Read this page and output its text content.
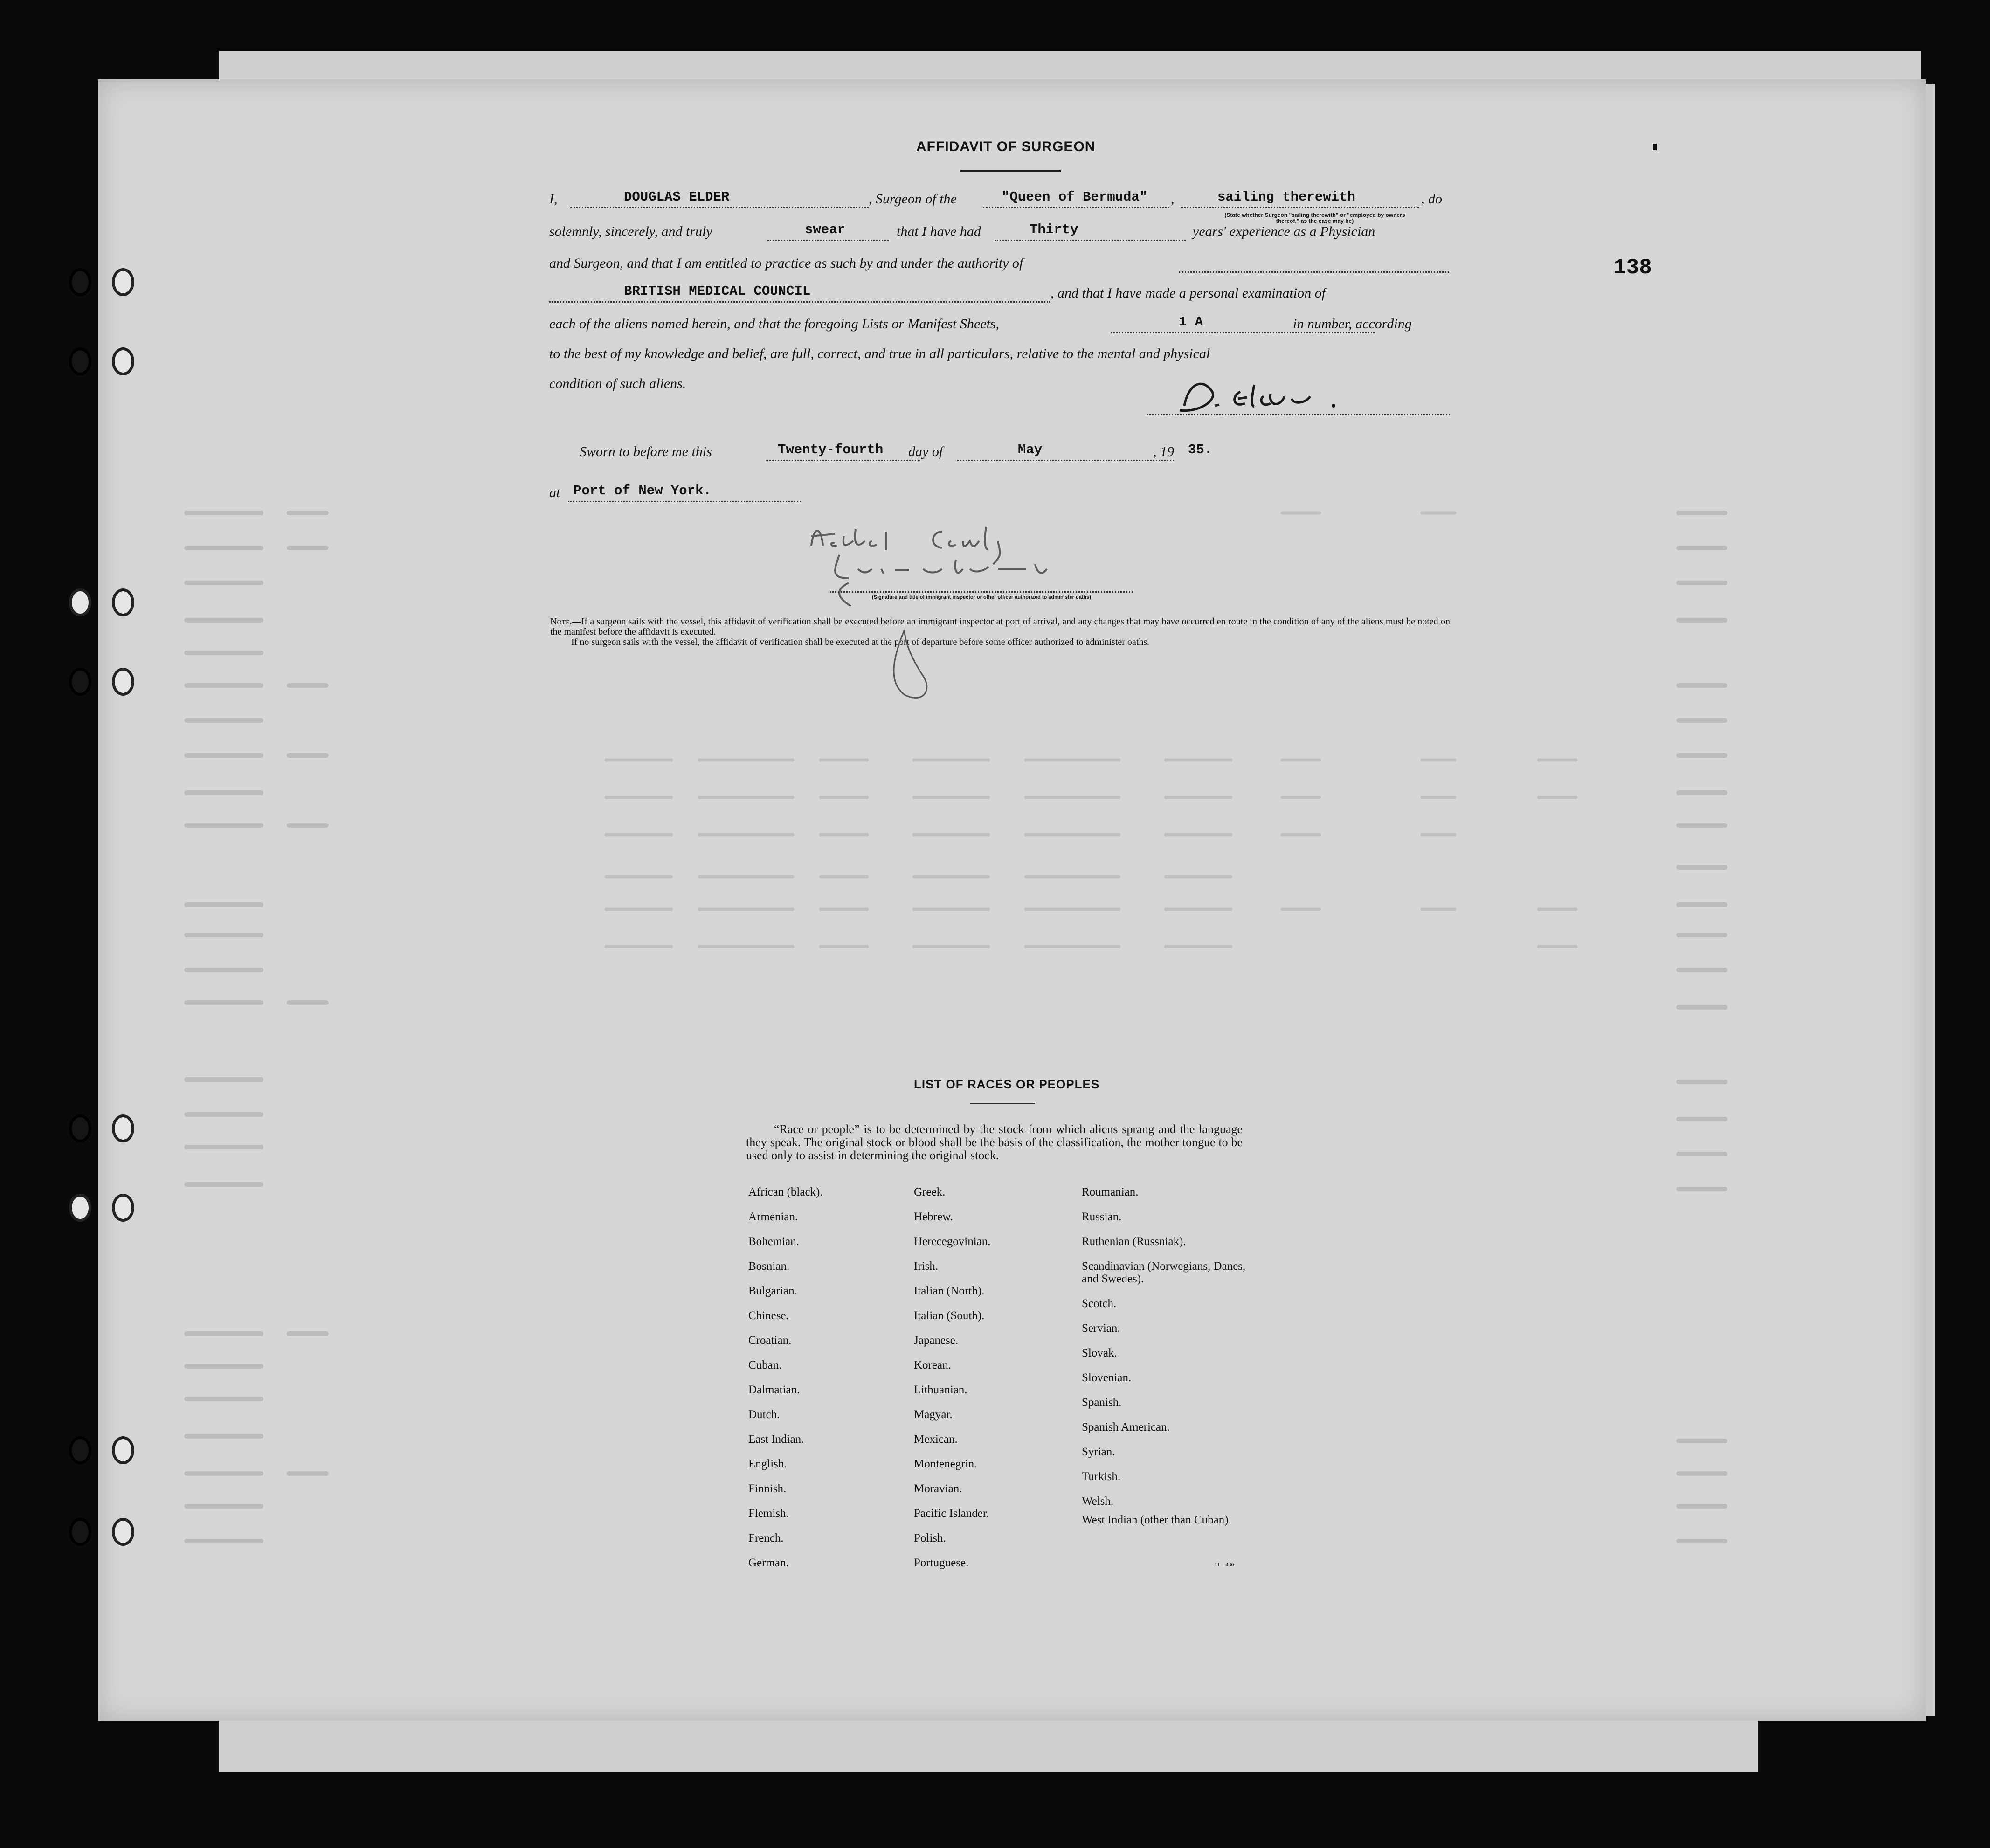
AFFIDAVIT OF SURGEON
138
I,	DOUGLAS ELDER	, Surgeon of the	"Queen of Bermuda" ,	sailing therewith	, do
(State whether Surgeon "sailing therewith" or "employed by owners thereof," as the case may be)
solemnly, sincerely, and truly	swear	that I have had	Thirty	years' experience as a Physician
and Surgeon, and that I am entitled to practice as such by and under the authority of
BRITISH MEDICAL COUNCIL	, and that I have made a personal examination of
each of the aliens named herein, and that the foregoing Lists or Manifest Sheets,	1 A	in number, according
to the best of my knowledge and belief, are full, correct, and true in all particulars, relative to the mental and physical
condition of such aliens.
Sworn to before me this	Twenty-fourth day of	May	, 19 35.
at Port of New York.
(Signature and title of immigrant inspector or other officer authorized to administer oaths)
Note.—If a surgeon sails with the vessel, this affidavit of verification shall be executed before an immigrant inspector at port of arrival, and any changes that may have occurred en route in the condition of any of the aliens must be noted on the manifest before the affidavit is executed.
If no surgeon sails with the vessel, the affidavit of verification shall be executed at the port of departure before some officer authorized to administer oaths.
LIST OF RACES OR PEOPLES
“Race or people” is to be determined by the stock from which aliens sprang and the language they speak. The original stock or blood shall be the basis of the classification, the mother tongue to be used only to assist in determining the original stock.
African (black).
Armenian.
Bohemian.
Bosnian.
Bulgarian.
Chinese.
Croatian.
Cuban.
Dalmatian.
Dutch.
East Indian.
English.
Finnish.
Flemish.
French.
German.
Greek.
Hebrew.
Herecegovinian.
Irish.
Italian (North).
Italian (South).
Japanese.
Korean.
Lithuanian.
Magyar.
Mexican.
Montenegrin.
Moravian.
Pacific Islander.
Polish.
Portuguese.
Roumanian.
Russian.
Ruthenian (Russniak).
Scandinavian (Norwegians, Danes, and Swedes).
Scotch.
Servian.
Slovak.
Slovenian.
Spanish.
Spanish American.
Syrian.
Turkish.
Welsh.
West Indian (other than Cuban).
11—430
